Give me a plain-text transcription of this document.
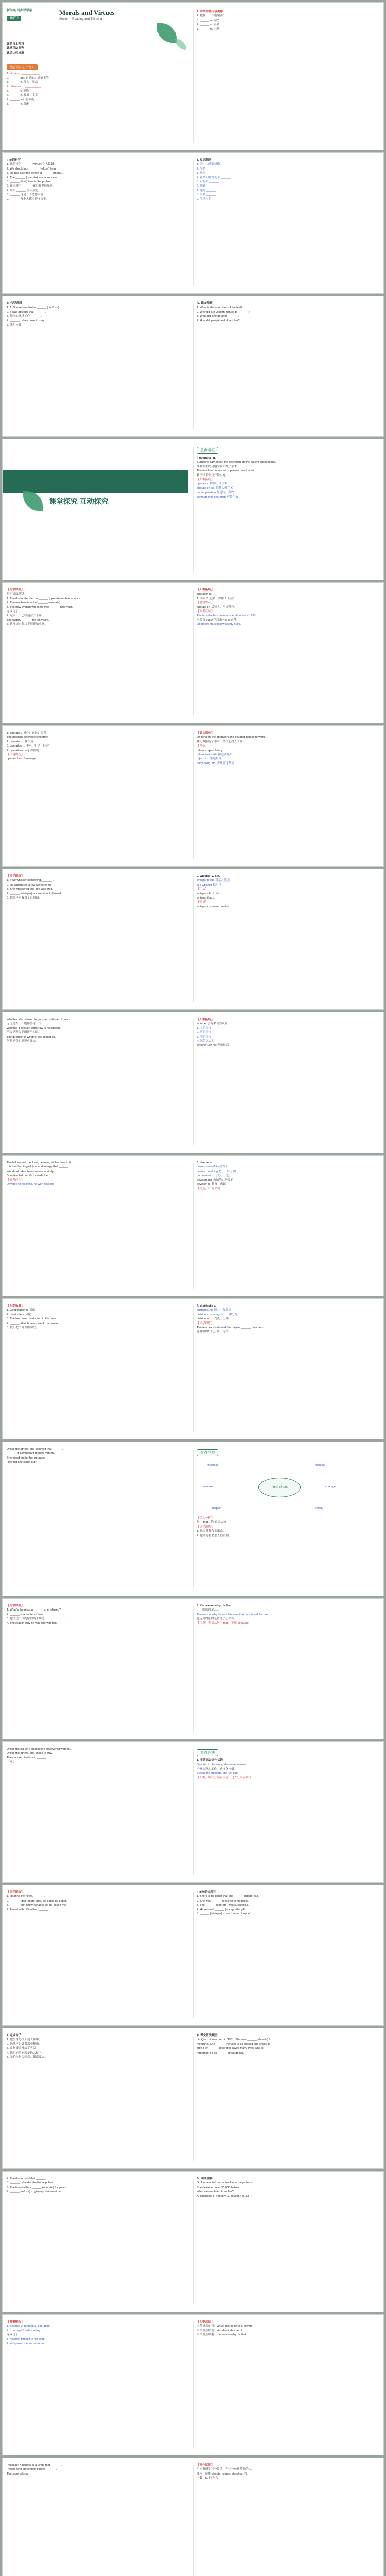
新学案 同步导学案
UNIT 2
课前自主预习
课堂互动探究
课后达标检测
课前预习 自主预习
1. virtue n. ____________
2. ______ adj. 道德的；道德上的
3. ______ n. 行为；举动
4. dilemma n. __________
5. ______ v. 拒绝
6. ______ n. 政府；主宰
7. ______ adj. 有限的
8. ______ n. 分配
Morals and Virtues
Section Ⅰ Reading and Thinking
1. 中华美德传承美德
2. 她在……中脱颖而出
3. ______ v. 有效
4. ______ n. 后果
5. ______ n. 主题
Ⅰ. 单词拼写
1. 她的行为 ______ (virtue) 令人钦佩。
2. We should not ______ (refuse) help.
3. He has a strong sense of ______ (moral).
4. The ______ (operate) was a success.
5. ______ (limit) time is the problem.
6. 在困境中 ______ 我们要坚持原则。
7. 结果 ______ 令人欣慰。
8. ______ 这是一个道德困境。
9. ______ 每个人都应遵守规则。
Ⅱ. 短语翻译
1. 为……感到骄傲 ______
2. 坚持 ______
3. 从事 ______
4. 在某人的帮助下 ______
5. 看起来 ______
6. 照顾 ______
7. 通过 ______
8. 有效 ______
9. 生活水平 ______
Ⅲ. 句型背诵
1. 1. She refused to be ______ (confuse).
2. It was obvious that ______ .
3. 她决心继续工作 ______ .
4. ______ , she chose to stay.
5. 我们应该 ______ .
Ⅳ. 课文理解
1. What is the main idea of the text?
2. Why did Lin Qiaozhi refuse to ______?
3. What did she do after ______?
4. How did people feel about her?
课堂探究 互动探究
重点词汇
Ⅰ. operation n.
Surgeons carried out the operation on the patient successfully.
外科医生成功地为病人做了手术。
The new law comes into operation next month.
新法律下个月开始实施。
【归纳拓展】
operate v. 操作；动手术
operate on sb. 给某人做手术
be in operation 在运转；有效
come/go into operation 开始生效
【即学即练】
单句语法填空
1. The doctor decided to ______ (operate) on him at once.
2. The machine is out of ______ (operate).
3. The new system will come into ______ next year.
完成句子
4. 这家工厂已经运营了十年。
The factory ______ for ten years.
5. 这项规定将从下周开始实施。
【归纳拓展】
operation n.
1. 手术 2. 运转；操作 3. 经营
【易错警示】
operate on 后接人，不接部位。
【高考佳句】
The hospital has been in operation since 1950.
医院自 1950 年以来一直在运营。
Operators must follow safety rules.
1. operate v. 操作；运转；经营
The machine operates smoothly.
2. operator n. 操作员
3. operation n. 手术；行动；经营
4. operational adj. 操作的
【语境辨析】
operate / run / manage
【课文原句】
Lin refused the operation and devoted herself to work.
林巧稚拒绝了手术，全身心投入工作。
【辨析】
refuse / reject / deny
refuse to do sth. 拒绝做某事
reject sth. 拒绝接受
deny doing sth. 否认做过某事
【即学即练】
1. If we whisper something, ______ .
2. He whispered a few words to me.
3. She whispered that she was tired.
4. ______ (whisper) in class is not allowed.
5. 他低声对我说了几句话。
2. whisper v. & n.
whisper to sb. 对某人低语
in a whisper 低声地
【用法】
whisper sth. to sb.
whisper that...
【辨析】
whisper / murmur / mutter
Whether she refused to go, she continued to work.
无论是否……她都坚持工作。
Whether it will rain tomorrow is not known.
明天是否会下雨还不知道。
The question is whether we should go.
问题是我们是否应该去。
【归纳拓展】
whether 引导名词性从句
1. 主语从句
2. 宾语从句
3. 表语从句
4. 同位语从句
whether...or not 无论是否
The hill soaked the flood, devoting all her time to it.
It is the devoting of time and energy that ______.
We should devote ourselves to study.
She devoted her life to medicine.
【高考佳句】
Devoted to teaching, he won respect.
3. devote v.
devote oneself to 致力于
devote...to doing 把……用于做
be devoted to 专心于；忠于
devoted adj. 忠诚的；挚爱的
devotion n. 献身；忠诚
【注意】to 为介词
【归纳拓展】
1. Contribution n. 贡献
2. distribute v. 分配
3. The food was distributed to the poor.
4. ______ (distribute) of wealth is uneven.
5. 我们把书分发给学生。
4. distribute v.
distribute...to 把……分发给
distribute...among 在……中分配
distribution n. 分配；分布
【即学即练】
The teacher distributed the papers ______ the class.
这种植物广泛分布于南方。
Unlike the others, she believed that ______.
______ it is important to have virtues.
She stood out for her courage.
How did she stand out?
重点句型
moral virtues
kindness	honesty
devotion	courage
respect	loyalty
【结构分析】
句中 that 引导宾语从句
【即学即练】
1. 她因其勇气而出众。
2. 他认为帮助别人很重要。
【即学即练】
1. What's the reason ______ she refused?
2. ______ is a matter of time.
3. 他决定出国的原因尚未知道。
4. The reason why he was late was that ______.
5. the reason why...is that...
……的原因是……
The reason why he was late was that he missed the bus.
他迟到的原因是错过了公交车。
【注意】表语从句用 that，不用 because
Unlike the Ba Jin's Harbin she discovered women...
Unlike the others, she chose to stay.
They worked tirelessly, ______ .
不同于……
重点语法
1. 非谓语动词作状语
Devoted to the work, she never married.
全身心投入工作，她终身未婚。
Seeing the patients, she felt sad.
【归纳】现在分词表主动；过去分词表被动
【即学即练】
1. Hearing the news, ______ .
2. ______ (give) more time, we could do better.
3. ______ (not know) what to do, he asked me.
4. Faced with difficulties, ______ .
Ⅰ. 单句语法填空
1. There is no doubt that she ______ (stand) out.
2. She was ______ (devote) to medicine.
3. The ______ (operate) was successful.
4. He refused ______ (accept) the gift.
5. ______ (whisper) to each other, they left.
Ⅱ. 完成句子
1. 他全身心投入到工作中。
2. 她低声告诉我那个秘密。
3. 食物被分发给了灾民。
4. 他拒绝的原因是他太忙了。
5. 无论你是否同意，我都要去。
Ⅲ. 课文语法填空
Lin Qiaozhi was born in 1901. She was ______ (devote) to
medicine. She ______ (refuse) to go abroad and chose to
stay. Her ______ (operate) saved many lives. She is
remembered as ______ great doctor.
4. The doctor said that ______ .
5. ______ , she decided to help them.
6. The hospital has ______ (operate) for years.
7. ______ (refuse) to give up, she went on.
Ⅳ. 阅读理解
Dr. Lin devoted her whole life to the patients.
She delivered over 50,000 babies.
What can we learn from her?
A. kindness B. honesty C. devotion D. all
【答案解析】
1. devoted 2. refused 3. operation
4. to accept 5. Whispering
完成句子：
1. devoted himself to his work
2. whispered the secret to me
【归纳总结】
本节重点单词：virtue, moral, refuse, devote
本节重点短语：stand out, devote...to
本节重点句型：the reason why...is that
Passage: Kindness is a virtue that ______ .
People who are kind to others ______ .
The story tells us ______ .
【写作运用】
用本节所学写一段话，介绍一位你敬佩的人。
要求：使用 devote, refuse, stand out 等。
字数：80 词左右。
